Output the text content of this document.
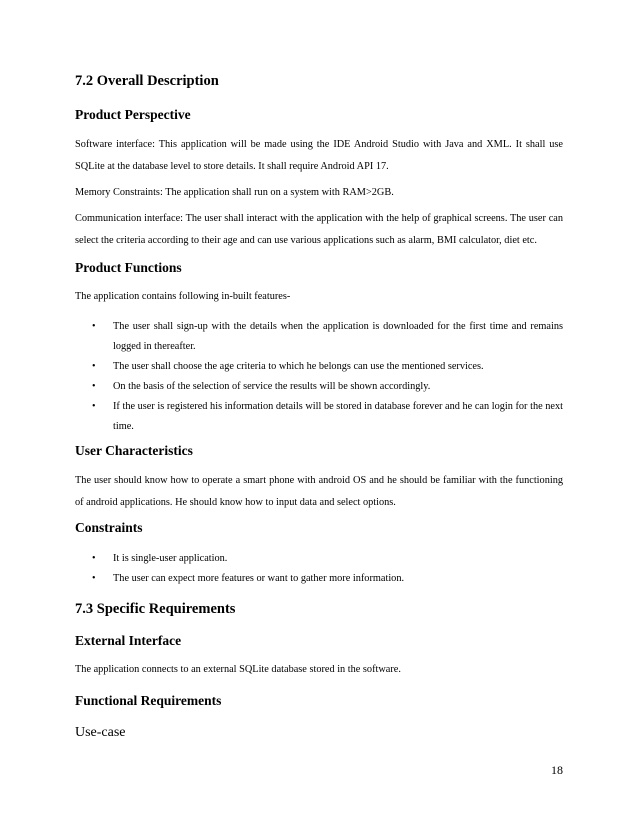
7.2 Overall Description
Product Perspective

Software interface: This application will be made using the IDE Android Studio with Java and XML. It shall use SQLite at the database level to store details. It shall require Android API 17.

Memory Constraints: The application shall run on a system with RAM>2GB.

Communication interface: The user shall interact with the application with the help of graphical screens. The user can select the criteria according to their age and can use various applications such as alarm, BMI calculator, diet etc.

Product Functions

The application contains following in-built features-

• The user shall sign-up with the details when the application is downloaded for the first time and remains logged in thereafter.
• The user shall choose the age criteria to which he belongs can use the mentioned services.
• On the basis of the selection of service the results will be shown accordingly.
• If the user is registered his information details will be stored in database forever and he can login for the next time.
User Characteristics

The user should know how to operate a smart phone with android OS and he should be familiar with the functioning of android applications. He should know how to input data and select options.

Constraints
• It is single-user application.
• The user can expect more features or want to gather more information.
7.3 Specific Requirements
External Interface

The application connects to an external SQLite database stored in the software.

Functional Requirements

Use-case

18
